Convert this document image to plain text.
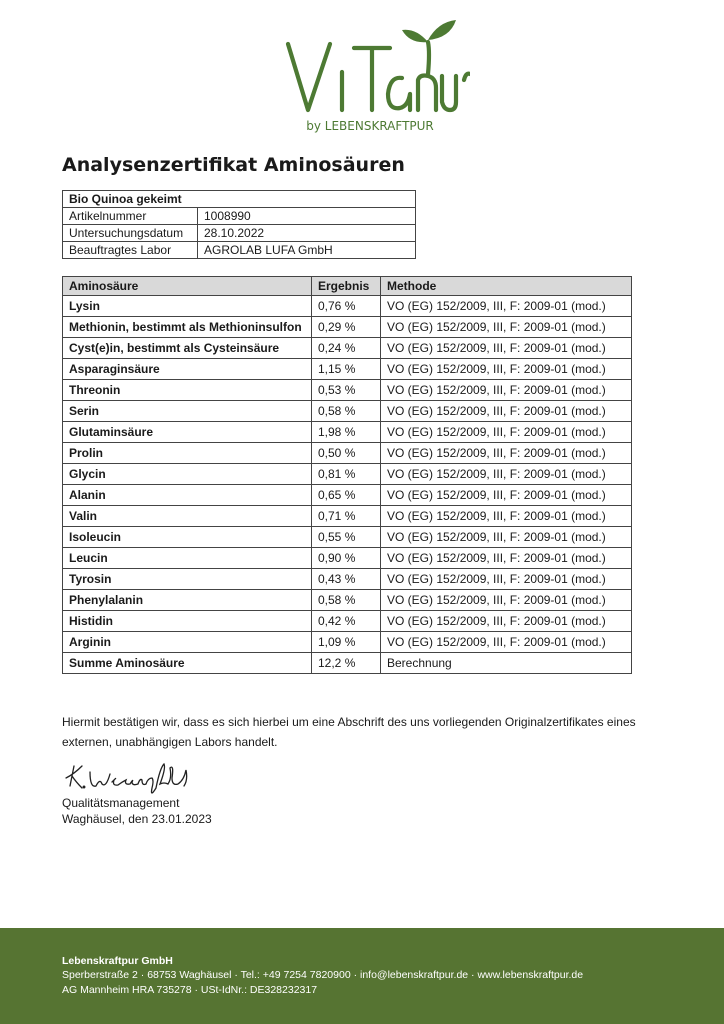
by LEBENSKRAFTPUR
Analysenzertifikat Aminosäuren
Bio Quinoa gekeimt	
Artikelnummer	1008990
Untersuchungsdatum	28.10.2022
Beauftragtes Labor	AGROLAB LUFA GmbH
Aminosäure	Ergebnis	Methode
Lysin	0,76 %	VO (EG) 152/2009, III, F: 2009-01 (mod.)
Methionin, bestimmt als Methioninsulfon	0,29 %	VO (EG) 152/2009, III, F: 2009-01 (mod.)
Cyst(e)in, bestimmt als Cysteinsäure	0,24 %	VO (EG) 152/2009, III, F: 2009-01 (mod.)
Asparaginsäure	1,15 %	VO (EG) 152/2009, III, F: 2009-01 (mod.)
Threonin	0,53 %	VO (EG) 152/2009, III, F: 2009-01 (mod.)
Serin	0,58 %	VO (EG) 152/2009, III, F: 2009-01 (mod.)
Glutaminsäure	1,98 %	VO (EG) 152/2009, III, F: 2009-01 (mod.)
Prolin	0,50 %	VO (EG) 152/2009, III, F: 2009-01 (mod.)
Glycin	0,81 %	VO (EG) 152/2009, III, F: 2009-01 (mod.)
Alanin	0,65 %	VO (EG) 152/2009, III, F: 2009-01 (mod.)
Valin	0,71 %	VO (EG) 152/2009, III, F: 2009-01 (mod.)
Isoleucin	0,55 %	VO (EG) 152/2009, III, F: 2009-01 (mod.)
Leucin	0,90 %	VO (EG) 152/2009, III, F: 2009-01 (mod.)
Tyrosin	0,43 %	VO (EG) 152/2009, III, F: 2009-01 (mod.)
Phenylalanin	0,58 %	VO (EG) 152/2009, III, F: 2009-01 (mod.)
Histidin	0,42 %	VO (EG) 152/2009, III, F: 2009-01 (mod.)
Arginin	1,09 %	VO (EG) 152/2009, III, F: 2009-01 (mod.)
Summe Aminosäure	12,2 %	Berechnung

Hiermit bestätigen wir, dass es sich hierbei um eine Abschrift des uns vorliegenden Originalzertifikates eines externen, unabhängigen Labors handelt.

Qualitätsmanagement
Waghäusel, den 23.01.2023
Lebenskraftpur GmbH
Sperberstraße 2 · 68753 Waghäusel · Tel.: +49 7254 7820900 · info@lebenskraftpur.de · www.lebenskraftpur.de
AG Mannheim HRA 735278 · USt-IdNr.: DE328232317
